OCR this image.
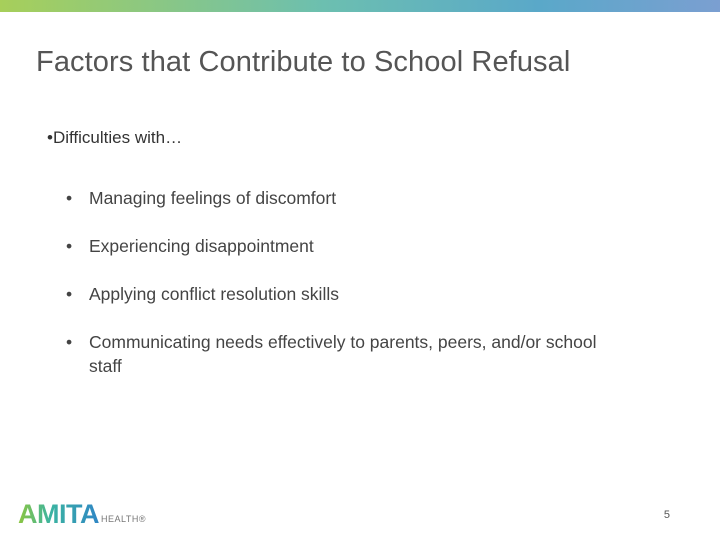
Factors that Contribute to School Refusal
•Difficulties with…
• Managing feelings of discomfort
• Experiencing disappointment
• Applying conflict resolution skills
• Communicating needs effectively to parents, peers, and/or school staff
AMITA HEALTH®	5
